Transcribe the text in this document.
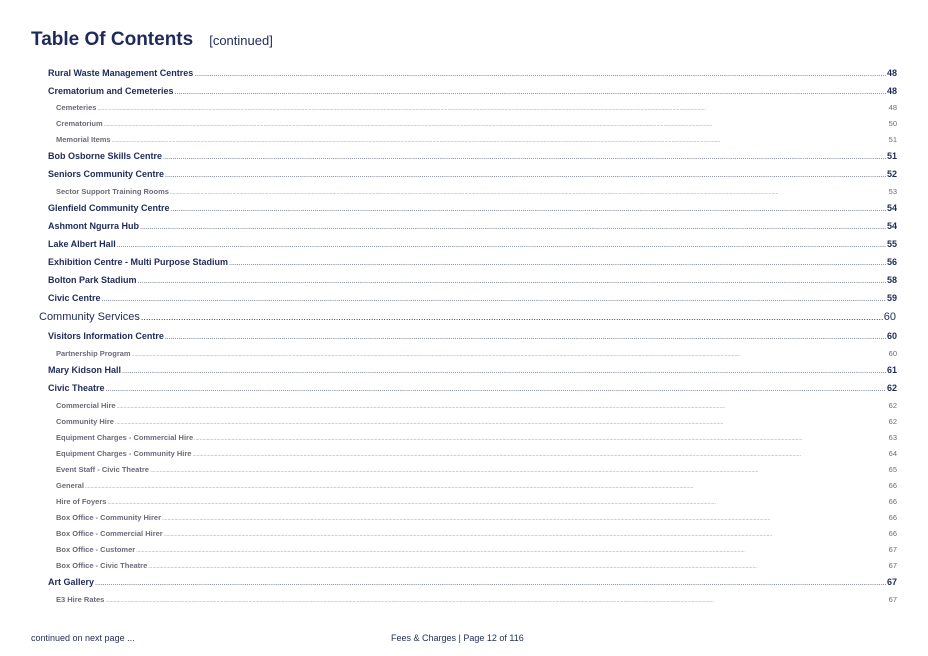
Table Of Contents [continued]
Rural Waste Management Centres .....	48
Crematorium and Cemeteries .....	48
Cemeteries .....	48
Crematorium .....	50
Memorial Items .....	51
Bob Osborne Skills Centre .....	51
Seniors Community Centre .....	52
Sector Support Training Rooms .....	53
Glenfield Community Centre .....	54
Ashmont Ngurra Hub .....	54
Lake Albert Hall .....	55
Exhibition Centre - Multi Purpose Stadium .....	56
Bolton Park Stadium .....	58
Civic Centre .....	59
Community Services .....	60
Visitors Information Centre .....	60
Partnership Program .....	60
Mary Kidson Hall .....	61
Civic Theatre .....	62
Commercial Hire .....	62
Community Hire .....	62
Equipment Charges - Commercial Hire .....	63
Equipment Charges - Community Hire .....	64
Event Staff - Civic Theatre .....	65
General .....	66
Hire of Foyers .....	66
Box Office - Community Hirer .....	66
Box Office - Commercial Hirer .....	66
Box Office - Customer .....	67
Box Office - Civic Theatre .....	67
Art Gallery .....	67
E3 Hire Rates .....	67
continued on next page ...	Fees & Charges | Page 12 of 116
